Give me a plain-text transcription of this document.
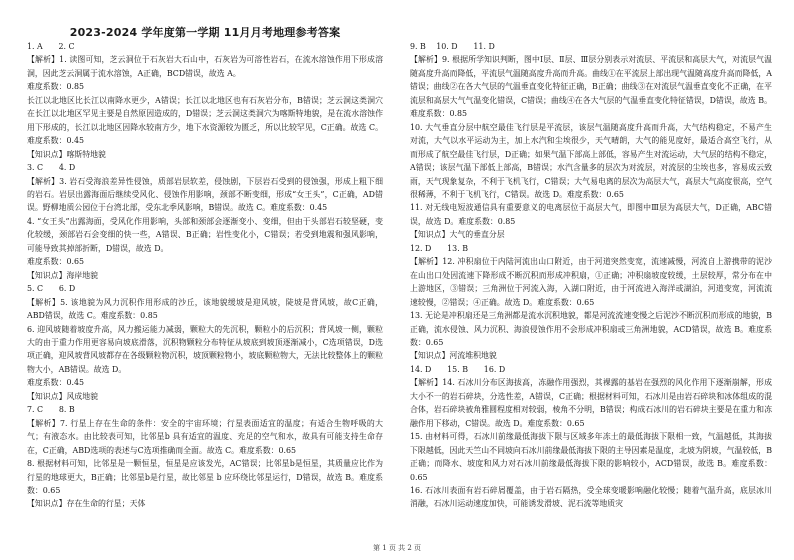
2023-2024 学年度第一学期 11月月考地理参考答案

1. A　　2. C

【解析】1. 读图可知，芝云洞位于石灰岩大石山中，石灰岩为可溶性岩石，在流水溶蚀作用下形成溶洞，因此芝云洞属于流水溶蚀，A正确，BCD错误，故选 A。

难度系数：0.85

长江以北地区比长江以南降水更少，A错误；长江以北地区也有石灰岩分布，B错误；芝云洞这类洞穴在长江以北地区罕见主要是自然原因造成的，D错误；芝云洞这类洞穴为喀斯特地貌，是在流水溶蚀作用下形成的，长江以北地区因降水较南方少，地下水资源较为匮乏，所以比较罕见，C正确。故选 C。难度系数：0.45

【知识点】喀斯特地貌

3. C　　4. D

【解析】3. 岩石受海浪差异性侵蚀，质部岩层软差，侵蚀剧，下层岩石受到的侵蚀强，形成上粗下细的岩石。岩层出露海面后继续受风化、侵蚀作用影响，颈部不断变细，形成“女王头”，C正确，AD错误。野柳地质公园位于台湾北部，受东北季风影响，B错误。故选 C。难度系数：0.45

4. “女王头”出露海面，受风化作用影响，头部和颈部会逐渐变小、变细，但由于头部岩石较坚硬，变化较缓，颈部岩石会变细的快一些，A错误、B正确；岩性变化小，C错误；若受到地震和强风影响，可能导致其掉部折断，D错误，故选 D。

难度系数：0.65

【知识点】海岸地貌

5. C　　6. D

【解析】5. 该地貌为风力沉积作用形成的沙丘，该地貌缓坡是迎风坡，陡坡是背风坡，故C正确，ABD错误，故选 C。难度系数：0.85

6. 迎风坡随着坡度升高，风力搬运能力减弱，颗粒大的先沉积，颗粒小的后沉积；背风坡一侧，颗粒大的由于重力作用更容易向坡底滑落，沉积物颗粒分布特征从坡底到坡顶逐渐减小，C选项错误，D选项正确，迎风坡背风坡都存在各级颗粒物沉积，坡顶颗粒物小，坡底颗粒物大，无法比较整体上的颗粒物大小，AB错误。故选 D。

难度系数：0.45

【知识点】风成地貌

7. C　　8. B

【解析】7. 行星上存在生命的条件：安全的宇宙环境；行星表面适宜的温度；有适合生物呼吸的大气；有液态水。由比较表可知，比邻星b 具有适宜的温度、充足的空气和水，故具有可能支持生命存在，C正确，ABD选项的表述与C选项推确而全面。故选 C。难度系数：0.65

8. 根据材料可知，比邻星是一颗恒星，恒星是应该发光，AC错误；比邻星b是恒星，其质量应比作为行星的地球更大，B正确；比邻星b是行星，故比邻星 b 应环绕比邻星运行，D错误，故选 B。难度系数：0.65

【知识点】存在生命的行星；天体

9. B　 10. D　　11. D

【解析】9. 根据所学知识判断，图中Ⅰ层、Ⅱ层、Ⅲ层分别表示对流层、平流层和高层大气，对流层气温随高度升高而降低，平流层气温随高度升高而升高。曲线①在平流层上部出现气温随高度升高而降低，A错误；曲线②在各大气层的气温垂直变化特征正确，B正确；曲线③在对流层气温垂直变化不正确，在平流层和高层大气气温变化错误，C错误；曲线④在各大气层的气温垂直变化特征错误，D错误，故选 B。难度系数：0.85

10. 大气垂直分层中航空最佳飞行层是平流层，该层气温随高度升高而升高，大气结构稳定，不易产生对流，大气以水平运动为主，加上水汽和尘埃很少，天气晴朗，大气的能见度好，最适合高空飞行，从而形成了航空最佳飞行层，D正确；如果气温下部高上部低，容易产生对流运动，大气层的结构不稳定，A错误；该层气温下部低上部高，B错误；水汽含量多的层次为对流层，对流层的尘埃也多，容易成云致雨，天气现象复杂，不利于飞机飞行，C错误；大气易电离的层次为高层大气，高层大气高度很高，空气很稀薄，不利于飞机飞行，C错误。故选 D。难度系数：0.65

11. 对无线电短波通信具有重要意义的电离层位于高层大气，即图中Ⅲ层为高层大气，D正确，ABC错误，故选 D。难度系数：0.85

【知识点】大气的垂直分层

12. D　　13. B

【解析】12. 冲积扇位于内陆河流出山口附近，由于河道突然变宽，流速减慢，河流自上游携带的泥沙在山出口处因流速下降形成不断沉积而形成冲积扇，①正确；冲积扇坡度较缓，土层较厚，常分布在中上游地区，③错误；三角洲位于河流入海，入湖口附近，由于河流进入海洋或湖泊，河道变宽，河流流速较慢，②错误；④正确。故选 D。难度系数：0.65

13. 无论是冲积扇还是三角洲都是流水沉积地貌，都是河流流速变慢之后泥沙不断沉积而形成的地貌，B正确，流水侵蚀、风力沉积、海浪侵蚀作用不会形成冲积扇或三角洲地貌，ACD错误，故选 B。难度系数：0.65

【知识点】河流堆积地貌

14. D　　15. B　　16. D

【解析】14. 石冰川分布区海拔高，冻融作用强烈，其裸露的基岩在强烈的风化作用下逐渐崩解，形成大小不一的岩石碎块，分选性差，A错误，C正确；根据材料可知，石冰川是由岩石碎块和冰体组成的混合体，岩石碎块被角雅圆程度相对较弱，棱角不分明，B错误；构成石冰川的岩石碎块主要是在重力和冻融作用下移动，C错误。故选 D。难度系数：0.65

15. 由材料可得，石冰川前缘最低海拔下限与区域多年冻土的最低海拔下限相一致，气温越低，其海拔下限越低，因此天竺山不同坡向石冰川前缘最低海拔下限的主导因素是温度，北坡为阴坡，气温较低，B正确；而降水、坡度和风力对石冰川前缘最低海拔下限的影响较小，ACD错误，故选 B。难度系数：0.65

16. 石冰川表面有岩石碎屑覆盖，由于岩石隔热，受全球变暖影响融化较慢；随着气温升高，底层冰川消融，石冰川运动速度加快，可能诱发滑坡、泥石流等地质灾

第 1 页 共 2 页
